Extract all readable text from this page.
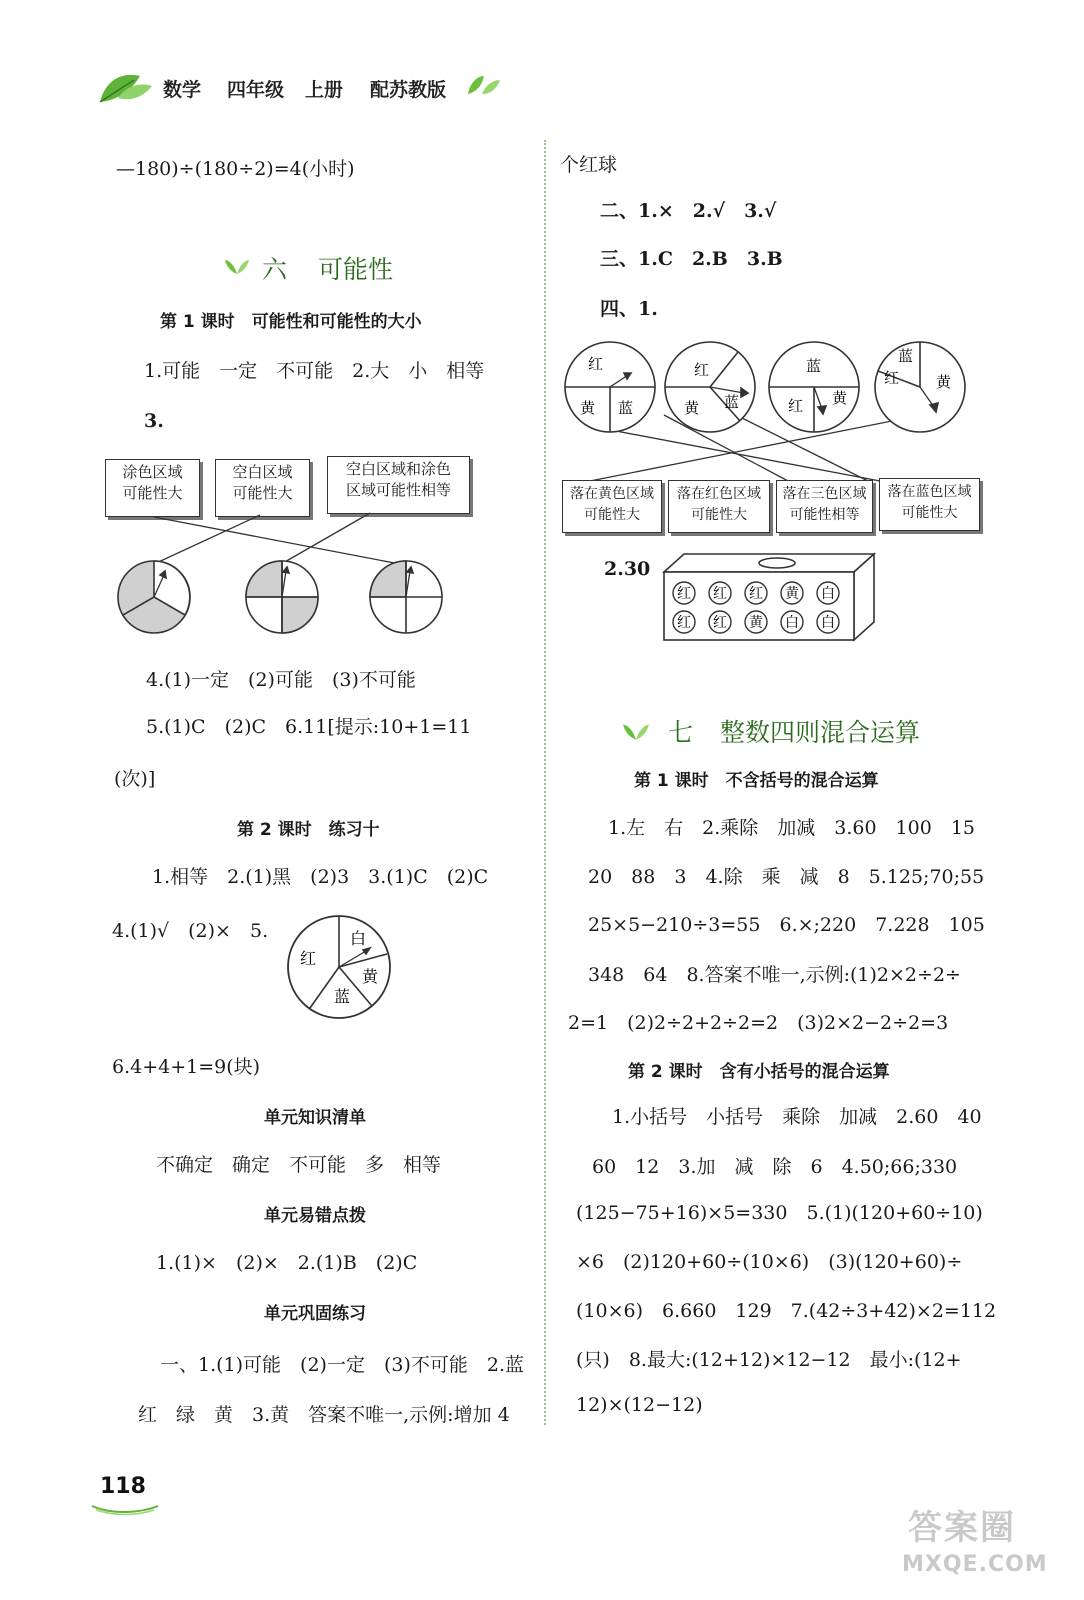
数学 四年级 上册 配苏教版
—180)÷(180÷2)=4(小时)
六 可能性
第 1 课时　可能性和可能性的大小
1.可能　一定　不可能　2.大　小　相等
3.
涂色区域
可能性大
空白区域
可能性大
空白区域和涂色
区域可能性相等
4.(1)一定　(2)可能　(3)不可能
5.(1)C　(2)C　6.11[提示:10+1=11
(次)]
第 2 课时　练习十
1.相等　2.(1)黑　(2)3　3.(1)C　(2)C
4.(1)√　(2)×　5.
红
白
黄
蓝
6.4+4+1=9(块)
单元知识清单
不确定　确定　不可能　多　相等
单元易错点拨
1.(1)×　(2)×　2.(1)B　(2)C
单元巩固练习
一、1.(1)可能　(2)一定　(3)不可能　2.蓝
红　绿　黄　3.黄　答案不唯一,示例:增加 4
个红球
二、1.×　2.√　3.√
三、1.C　2.B　3.B
四、1.
红
黄 蓝
红
黄 蓝
蓝
红 黄
蓝
红 黄
落在黄色区域
可能性大
落在红色区域
可能性大
落在三色区域
可能性相等
落在蓝色区域
可能性大
2.30
红 红 红 黄 白
红 红 黄 白 白
七 整数四则混合运算
第 1 课时　不含括号的混合运算
1.左　右　2.乘除　加减　3.60　100　15
20　88　3　4.除　乘　减　8　5.125;70;55
25×5−210÷3=55　6.×;220　7.228　105
348　64　8.答案不唯一,示例:(1)2×2÷2÷
2=1　(2)2÷2+2÷2=2　(3)2×2−2÷2=3
第 2 课时　含有小括号的混合运算
1.小括号　小括号　乘除　加减　2.60　40
60　12　3.加　减　除　6　4.50;66;330
(125−75+16)×5=330　5.(1)(120+60÷10)
×6　(2)120+60÷(10×6)　(3)(120+60)÷
(10×6)　6.660　129　7.(42÷3+42)×2=112
(只)　8.最大:(12+12)×12−12　最小:(12+
12)×(12−12)
118
答案圈
MXQE.COM
